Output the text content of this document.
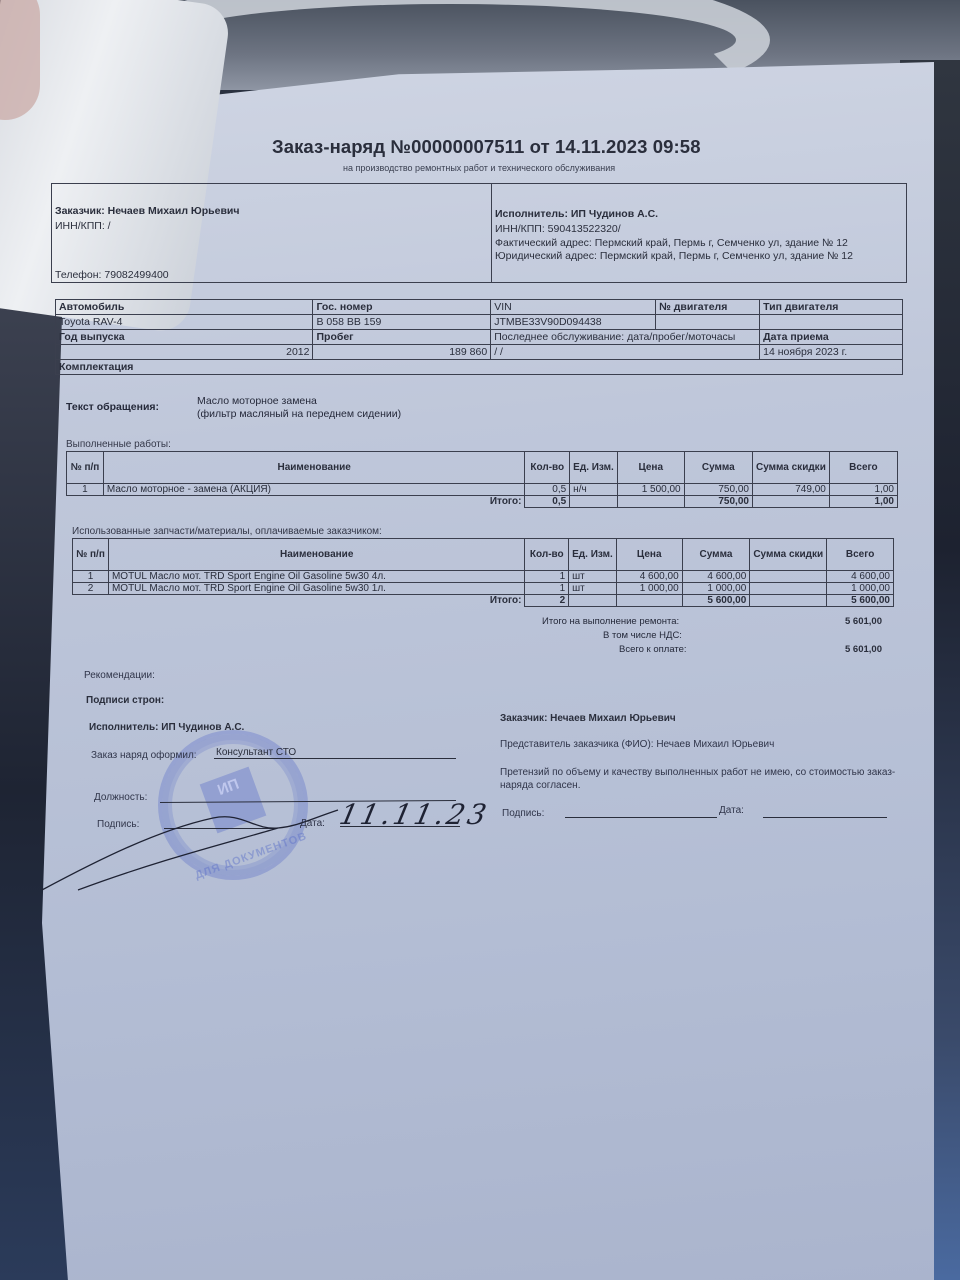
Заказ-наряд №00000007511 от 14.11.2023 09:58
на производство ремонтных работ и технического обслуживания
Заказчик: Нечаев Михаил Юрьевич
ИНН/КПП: /
Телефон: 79082499400
Исполнитель: ИП Чудинов А.С.
ИНН/КПП: 590413522320/
Фактический адрес: Пермский край, Пермь г, Семченко ул, здание № 12
Юридический адрес: Пермский край, Пермь г, Семченко ул, здание № 12
Автомобиль	Гос. номер	VIN	№ двигателя	Тип двигателя
Toyota RAV-4	В 058 ВВ 159	JTMBE33V90D094438		
Год выпуска	Пробег	Последнее обслуживание: дата/пробег/моточасы		Дата приема
2012	189 860	/ /		14 ноября 2023 г.
Комплектация				
Текст обращения:	Масло моторное замена
(фильтр масляный на переднем сидении)
Выполненные работы:
№ п/п	Наименование	Кол-во	Ед. Изм.	Цена	Сумма	Сумма скидки	Всего
1	Масло моторное - замена (АКЦИЯ)	0,5	н/ч	1 500,00	750,00	749,00	1,00
	Итого:	0,5			750,00		1,00
Использованные запчасти/материалы, оплачиваемые заказчиком:
№ п/п	Наименование	Кол-во	Ед. Изм.	Цена	Сумма	Сумма скидки	Всего
1	MOTUL Масло мот. TRD Sport Engine Oil Gasoline 5w30 4л.	1	шт	4 600,00	4 600,00		4 600,00
2	MOTUL Масло мот. TRD Sport Engine Oil Gasoline 5w30 1л.	1	шт	1 000,00	1 000,00		1 000,00
	Итого:	2			5 600,00		5 600,00
Итого на выполнение ремонта:	5 601,00
В том числе НДС:
Всего к оплате:	5 601,00
Рекомендации:
Подписи строн:
ИП
ДЛЯ ДОКУМЕНТОВ
Исполнитель: ИП Чудинов А.С.
Заказ наряд оформил: Консультант СТО
Должность:
Подпись:	Дата: 11.11.23
Заказчик: Нечаев Михаил Юрьевич
Представитель заказчика (ФИО): Нечаев Михаил Юрьевич
Претензий по объему и качеству выполненных работ не имею, со стоимостью заказ-наряда согласен.
Подпись:	Дата:
